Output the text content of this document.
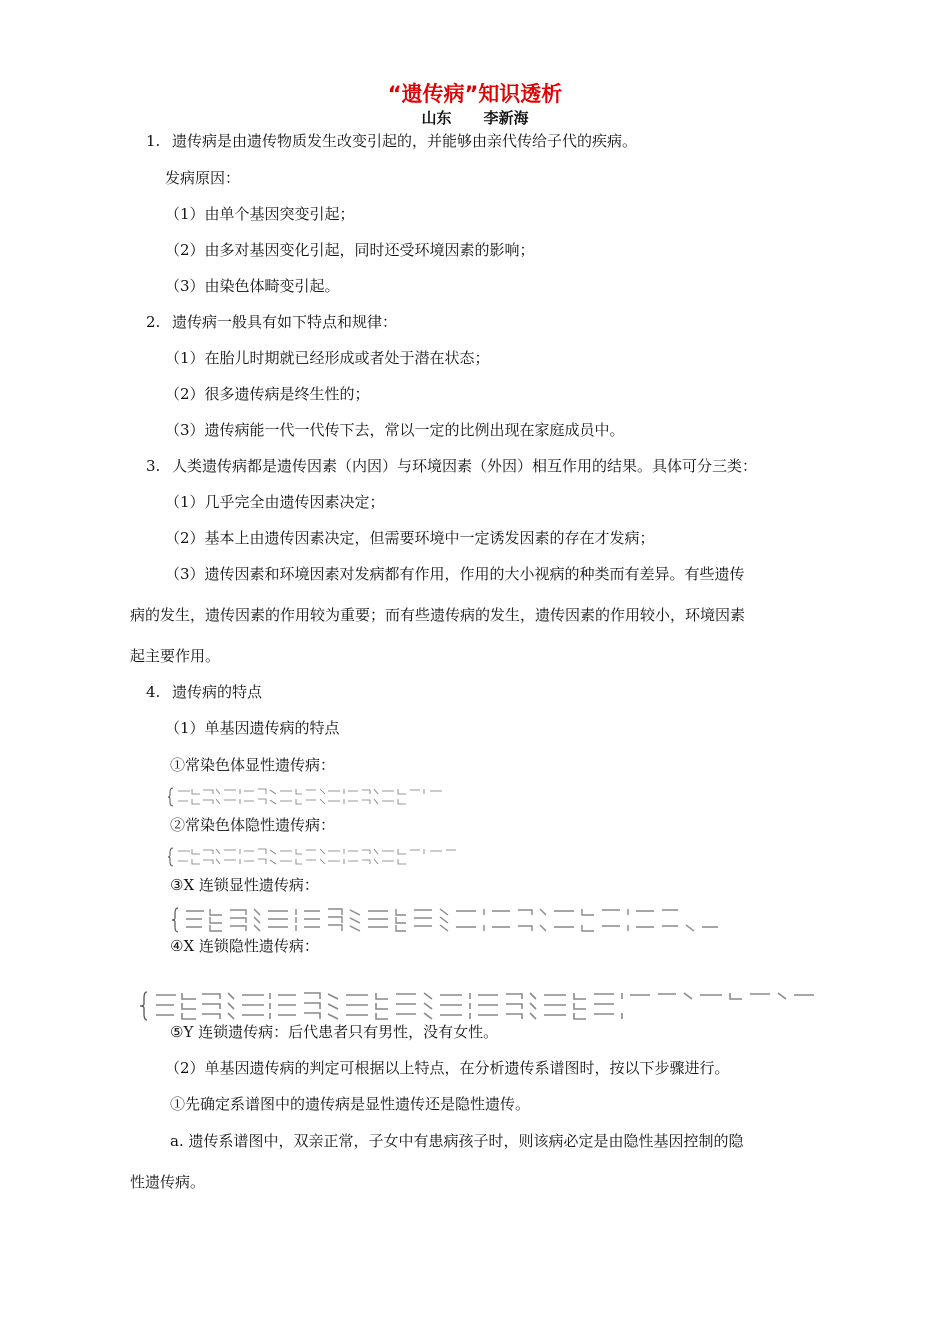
“遗传病”知识透析
山东 李新海
1. 遗传病是由遗传物质发生改变引起的，并能够由亲代传给子代的疾病。
发病原因：
（1）由单个基因突变引起；
（2）由多对基因变化引起，同时还受环境因素的影响；
（3）由染色体畸变引起。
2. 遗传病一般具有如下特点和规律：
（1）在胎儿时期就已经形成或者处于潜在状态；
（2）很多遗传病是终生性的；
（3）遗传病能一代一代传下去，常以一定的比例出现在家庭成员中。
3. 人类遗传病都是遗传因素（内因）与环境因素（外因）相互作用的结果。具体可分三类：
（1）几乎完全由遗传因素决定；
（2）基本上由遗传因素决定，但需要环境中一定诱发因素的存在才发病；
（3）遗传因素和环境因素对发病都有作用，作用的大小视病的种类而有差异。有些遗传
病的发生，遗传因素的作用较为重要；而有些遗传病的发生，遗传因素的作用较小，环境因素
起主要作用。
4. 遗传病的特点
（1）单基因遗传病的特点
①常染色体显性遗传病：
②常染色体隐性遗传病：
③X 连锁显性遗传病：
④X 连锁隐性遗传病：
⑤Y 连锁遗传病：后代患者只有男性，没有女性。
（2）单基因遗传病的判定可根据以上特点，在分析遗传系谱图时，按以下步骤进行。
①先确定系谱图中的遗传病是显性遗传还是隐性遗传。
a. 遗传系谱图中，双亲正常，子女中有患病孩子时，则该病必定是由隐性基因控制的隐
性遗传病。
